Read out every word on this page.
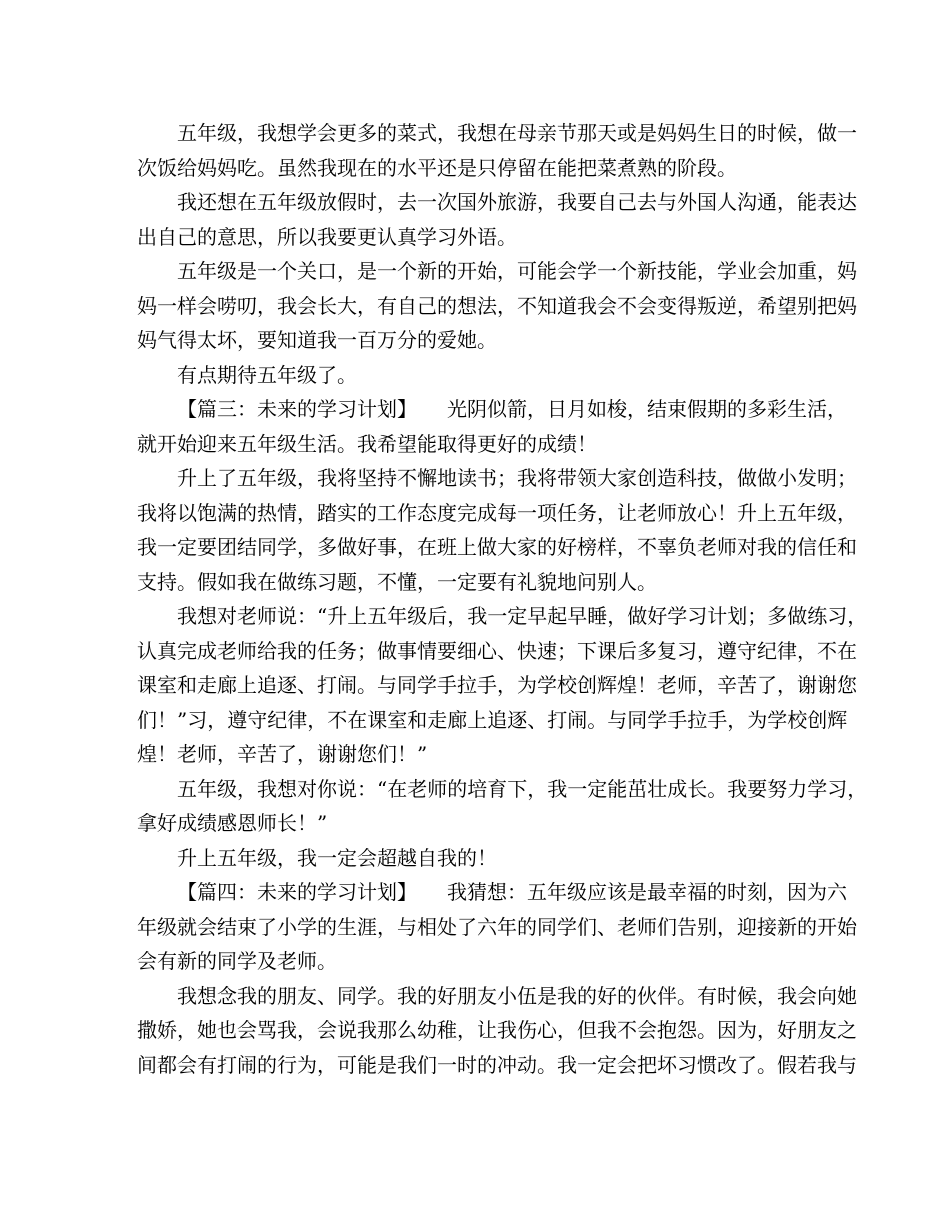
五年级，我想学会更多的菜式，我想在母亲节那天或是妈妈生日的时候，做一
次饭给妈妈吃。虽然我现在的水平还是只停留在能把菜煮熟的阶段。
我还想在五年级放假时，去一次国外旅游，我要自己去与外国人沟通，能表达
出自己的意思，所以我要更认真学习外语。
五年级是一个关口，是一个新的开始，可能会学一个新技能，学业会加重，妈
妈一样会唠叨，我会长大，有自己的想法，不知道我会不会变得叛逆，希望别把妈
妈气得太坏，要知道我一百万分的爱她。
有点期待五年级了。
【篇三：未来的学习计划】　　光阴似箭，日月如梭，结束假期的多彩生活，
就开始迎来五年级生活。我希望能取得更好的成绩！
升上了五年级，我将坚持不懈地读书；我将带领大家创造科技，做做小发明；
我将以饱满的热情，踏实的工作态度完成每一项任务，让老师放心！升上五年级，
我一定要团结同学，多做好事，在班上做大家的好榜样，不辜负老师对我的信任和
支持。假如我在做练习题，不懂，一定要有礼貌地问别人。
我想对老师说：“升上五年级后，我一定早起早睡，做好学习计划；多做练习，
认真完成老师给我的任务；做事情要细心、快速；下课后多复习，遵守纪律，不在
课室和走廊上追逐、打闹。与同学手拉手，为学校创辉煌！老师，辛苦了，谢谢您
们！”习，遵守纪律，不在课室和走廊上追逐、打闹。与同学手拉手，为学校创辉
煌！老师，辛苦了，谢谢您们！”
五年级，我想对你说：“在老师的培育下，我一定能茁壮成长。我要努力学习，
拿好成绩感恩师长！”
升上五年级，我一定会超越自我的！
【篇四：未来的学习计划】　　我猜想：五年级应该是最幸福的时刻，因为六
年级就会结束了小学的生涯，与相处了六年的同学们、老师们告别，迎接新的开始
会有新的同学及老师。
我想念我的朋友、同学。我的好朋友小伍是我的好的伙伴。有时候，我会向她
撒娇，她也会骂我，会说我那么幼稚，让我伤心，但我不会抱怨。因为，好朋友之
间都会有打闹的行为，可能是我们一时的冲动。我一定会把坏习惯改了。假若我与
